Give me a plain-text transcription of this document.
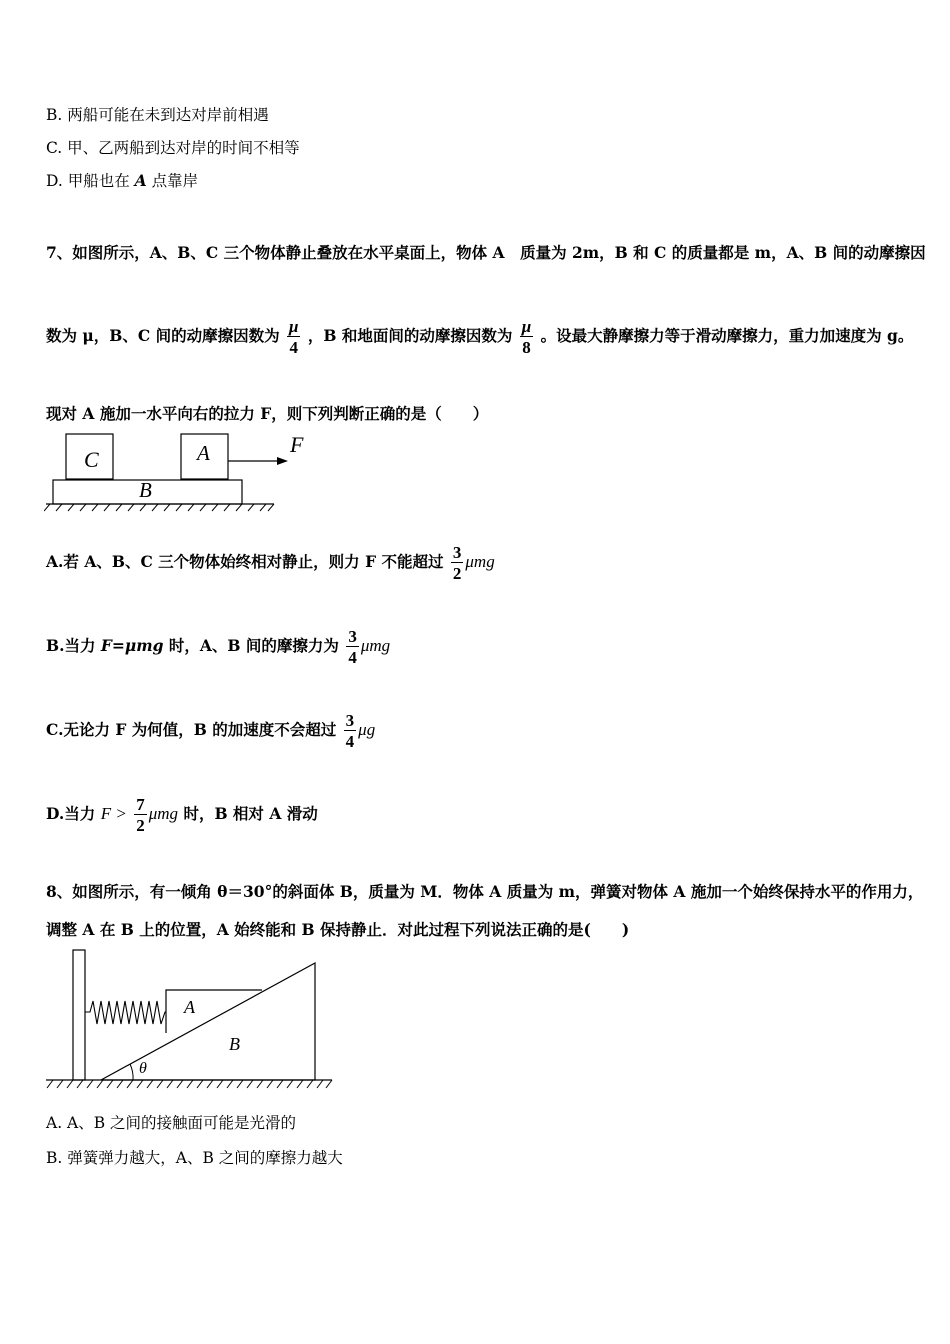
B. 两船可能在未到达对岸前相遇
C. 甲、乙两船到达对岸的时间不相等
D. 甲船也在 A 点靠岸
7、如图所示，A、B、C 三个物体静止叠放在水平桌面上，物体 A　质量为 2m，B 和 C 的质量都是 m，A、B 间的动摩擦因
数为 μ，B、C 间的动摩擦因数为 $\frac{\mu}{4}$ ，B 和地面间的动摩擦因数为 $\frac{\mu}{8}$ 。设最大静摩擦力等于滑动摩擦力，重力加速度为 g。
现对 A 施加一水平向右的拉力 F，则下列判断正确的是（　　）
C	A	F
B
A.若 A、B、C 三个物体始终相对静止，则力 F 不能超过 $\frac{3}{2}$ μmg
B.当力 F=μmg 时，A、B 间的摩擦力为 $\frac{3}{4}$ μmg
C.无论力 F 为何值，B 的加速度不会超过 $\frac{3}{4}$ μg
D.当力 $F > \frac{7}{2}$ μmg 时，B 相对 A 滑动
8、如图所示，有一倾角 θ＝30°的斜面体 B，质量为 M．物体 A 质量为 m，弹簧对物体 A 施加一个始终保持水平的作用力，
调整 A 在 B 上的位置，A 始终能和 B 保持静止．对此过程下列说法正确的是(　　)
A
B
θ
A. A、B 之间的接触面可能是光滑的
B. 弹簧弹力越大，A、B 之间的摩擦力越大
